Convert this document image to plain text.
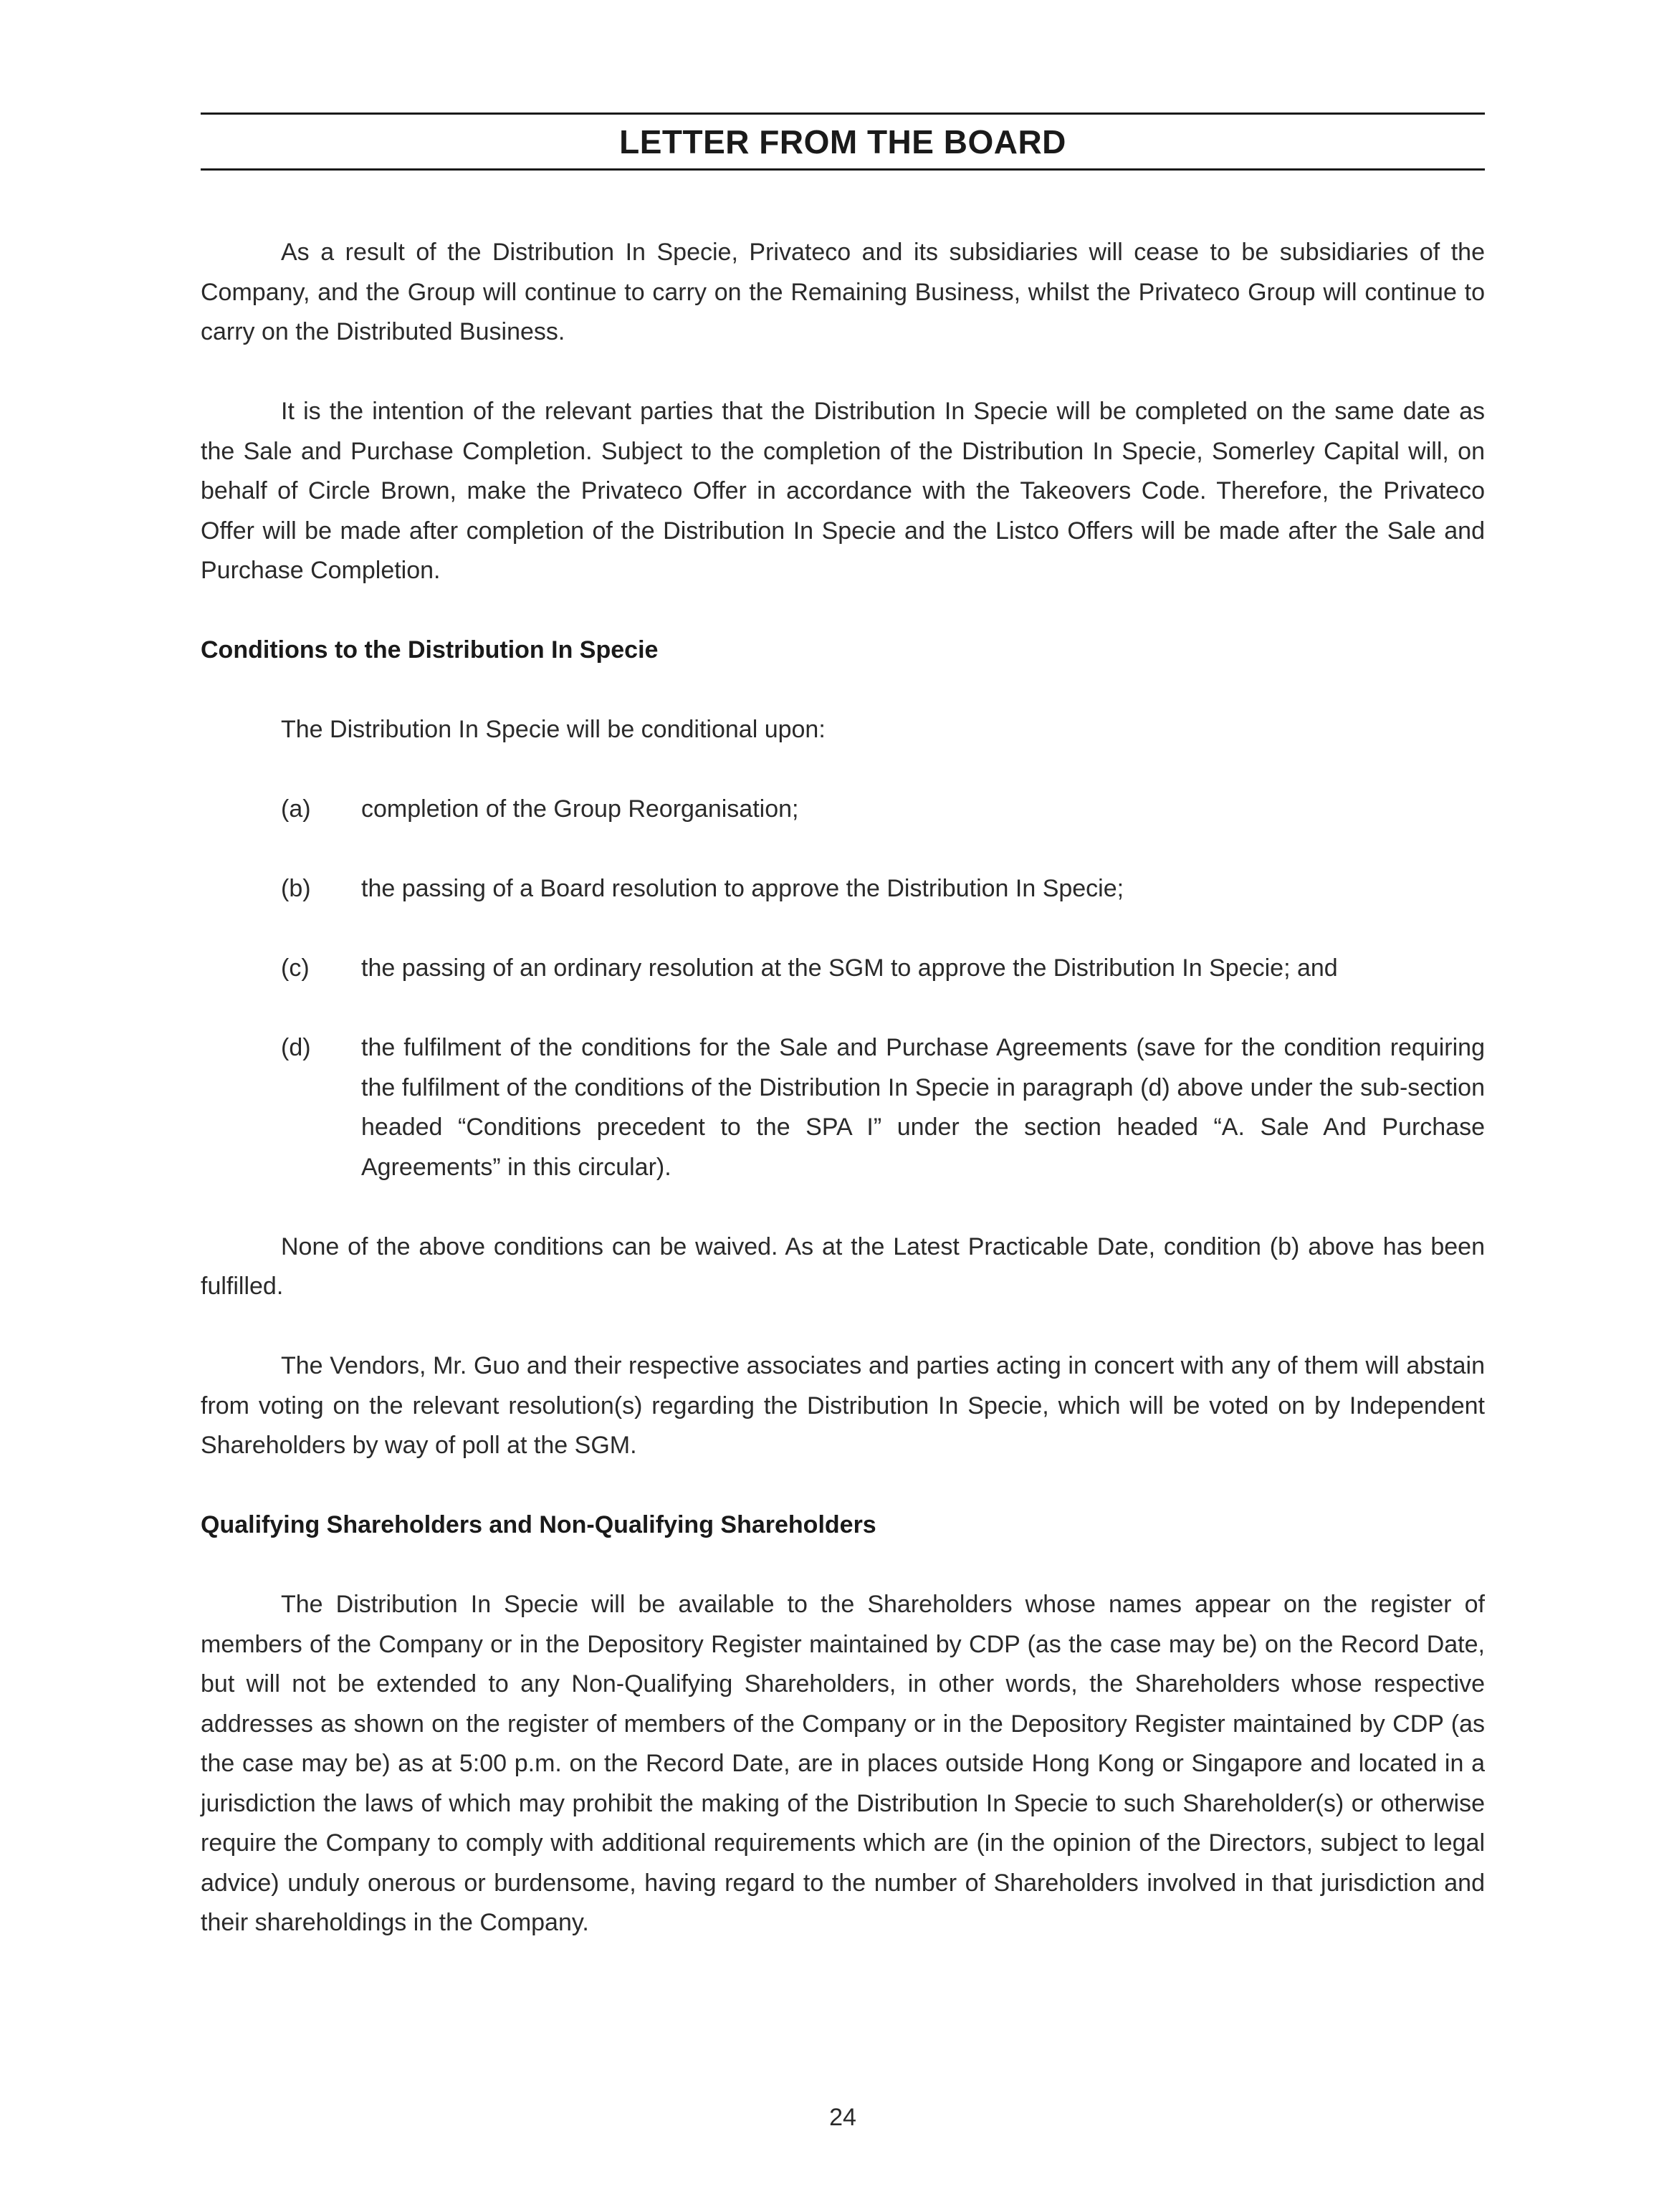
LETTER FROM THE BOARD

As a result of the Distribution In Specie, Privateco and its subsidiaries will cease to be subsidiaries of the Company, and the Group will continue to carry on the Remaining Business, whilst the Privateco Group will continue to carry on the Distributed Business.

It is the intention of the relevant parties that the Distribution In Specie will be completed on the same date as the Sale and Purchase Completion. Subject to the completion of the Distribution In Specie, Somerley Capital will, on behalf of Circle Brown, make the Privateco Offer in accordance with the Takeovers Code. Therefore, the Privateco Offer will be made after completion of the Distribution In Specie and the Listco Offers will be made after the Sale and Purchase Completion.

Conditions to the Distribution In Specie

The Distribution In Specie will be conditional upon:

(a)	completion of the Group Reorganisation;
(b)	the passing of a Board resolution to approve the Distribution In Specie;
(c)	the passing of an ordinary resolution at the SGM to approve the Distribution In Specie; and
(d)	the fulfilment of the conditions for the Sale and Purchase Agreements (save for the condition requiring the fulfilment of the conditions of the Distribution In Specie in paragraph (d) above under the sub-section headed “Conditions precedent to the SPA I” under the section headed “A. Sale And Purchase Agreements” in this circular).

None of the above conditions can be waived. As at the Latest Practicable Date, condition (b) above has been fulfilled.

The Vendors, Mr. Guo and their respective associates and parties acting in concert with any of them will abstain from voting on the relevant resolution(s) regarding the Distribution In Specie, which will be voted on by Independent Shareholders by way of poll at the SGM.

Qualifying Shareholders and Non-Qualifying Shareholders

The Distribution In Specie will be available to the Shareholders whose names appear on the register of members of the Company or in the Depository Register maintained by CDP (as the case may be) on the Record Date, but will not be extended to any Non-Qualifying Shareholders, in other words, the Shareholders whose respective addresses as shown on the register of members of the Company or in the Depository Register maintained by CDP (as the case may be) as at 5:00 p.m. on the Record Date, are in places outside Hong Kong or Singapore and located in a jurisdiction the laws of which may prohibit the making of the Distribution In Specie to such Shareholder(s) or otherwise require the Company to comply with additional requirements which are (in the opinion of the Directors, subject to legal advice) unduly onerous or burdensome, having regard to the number of Shareholders involved in that jurisdiction and their shareholdings in the Company.

24
